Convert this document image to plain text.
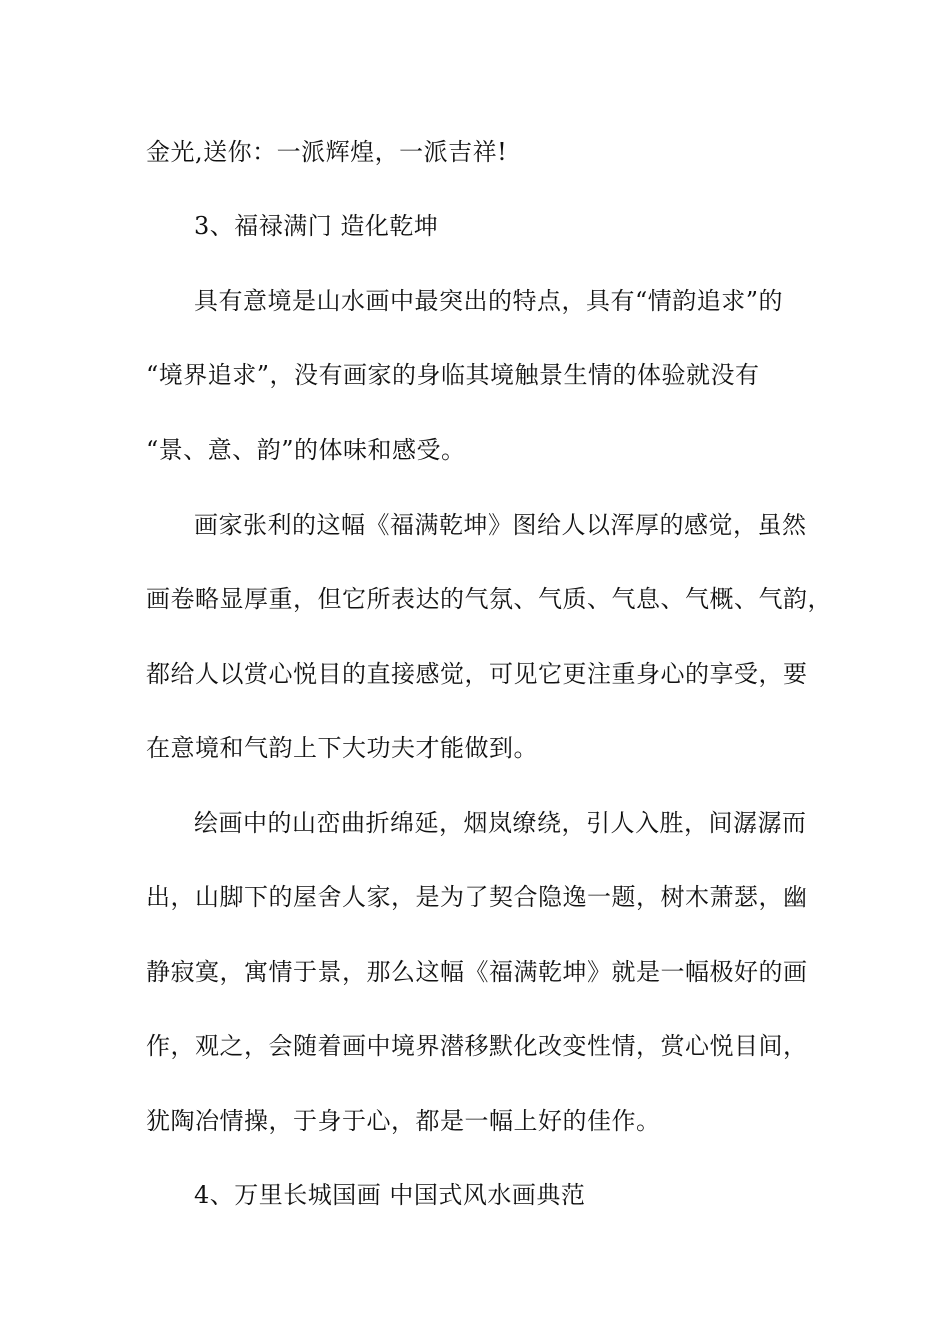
金光,送你：一派辉煌，一派吉祥!
3、福禄满门 造化乾坤
具有意境是山水画中最突出的特点，具有“情韵追求”的
“境界追求”，没有画家的身临其境触景生情的体验就没有
“景、意、韵”的体味和感受。
画家张利的这幅《福满乾坤》图给人以浑厚的感觉，虽然
画卷略显厚重，但它所表达的气氛、气质、气息、气概、气韵，
都给人以赏心悦目的直接感觉，可见它更注重身心的享受，要
在意境和气韵上下大功夫才能做到。
绘画中的山峦曲折绵延，烟岚缭绕，引人入胜，间潺潺而
出，山脚下的屋舍人家，是为了契合隐逸一题，树木萧瑟，幽
静寂寞，寓情于景，那么这幅《福满乾坤》就是一幅极好的画
作，观之，会随着画中境界潜移默化改变性情，赏心悦目间，
犹陶冶情操，于身于心，都是一幅上好的佳作。
4、万里长城国画 中国式风水画典范
